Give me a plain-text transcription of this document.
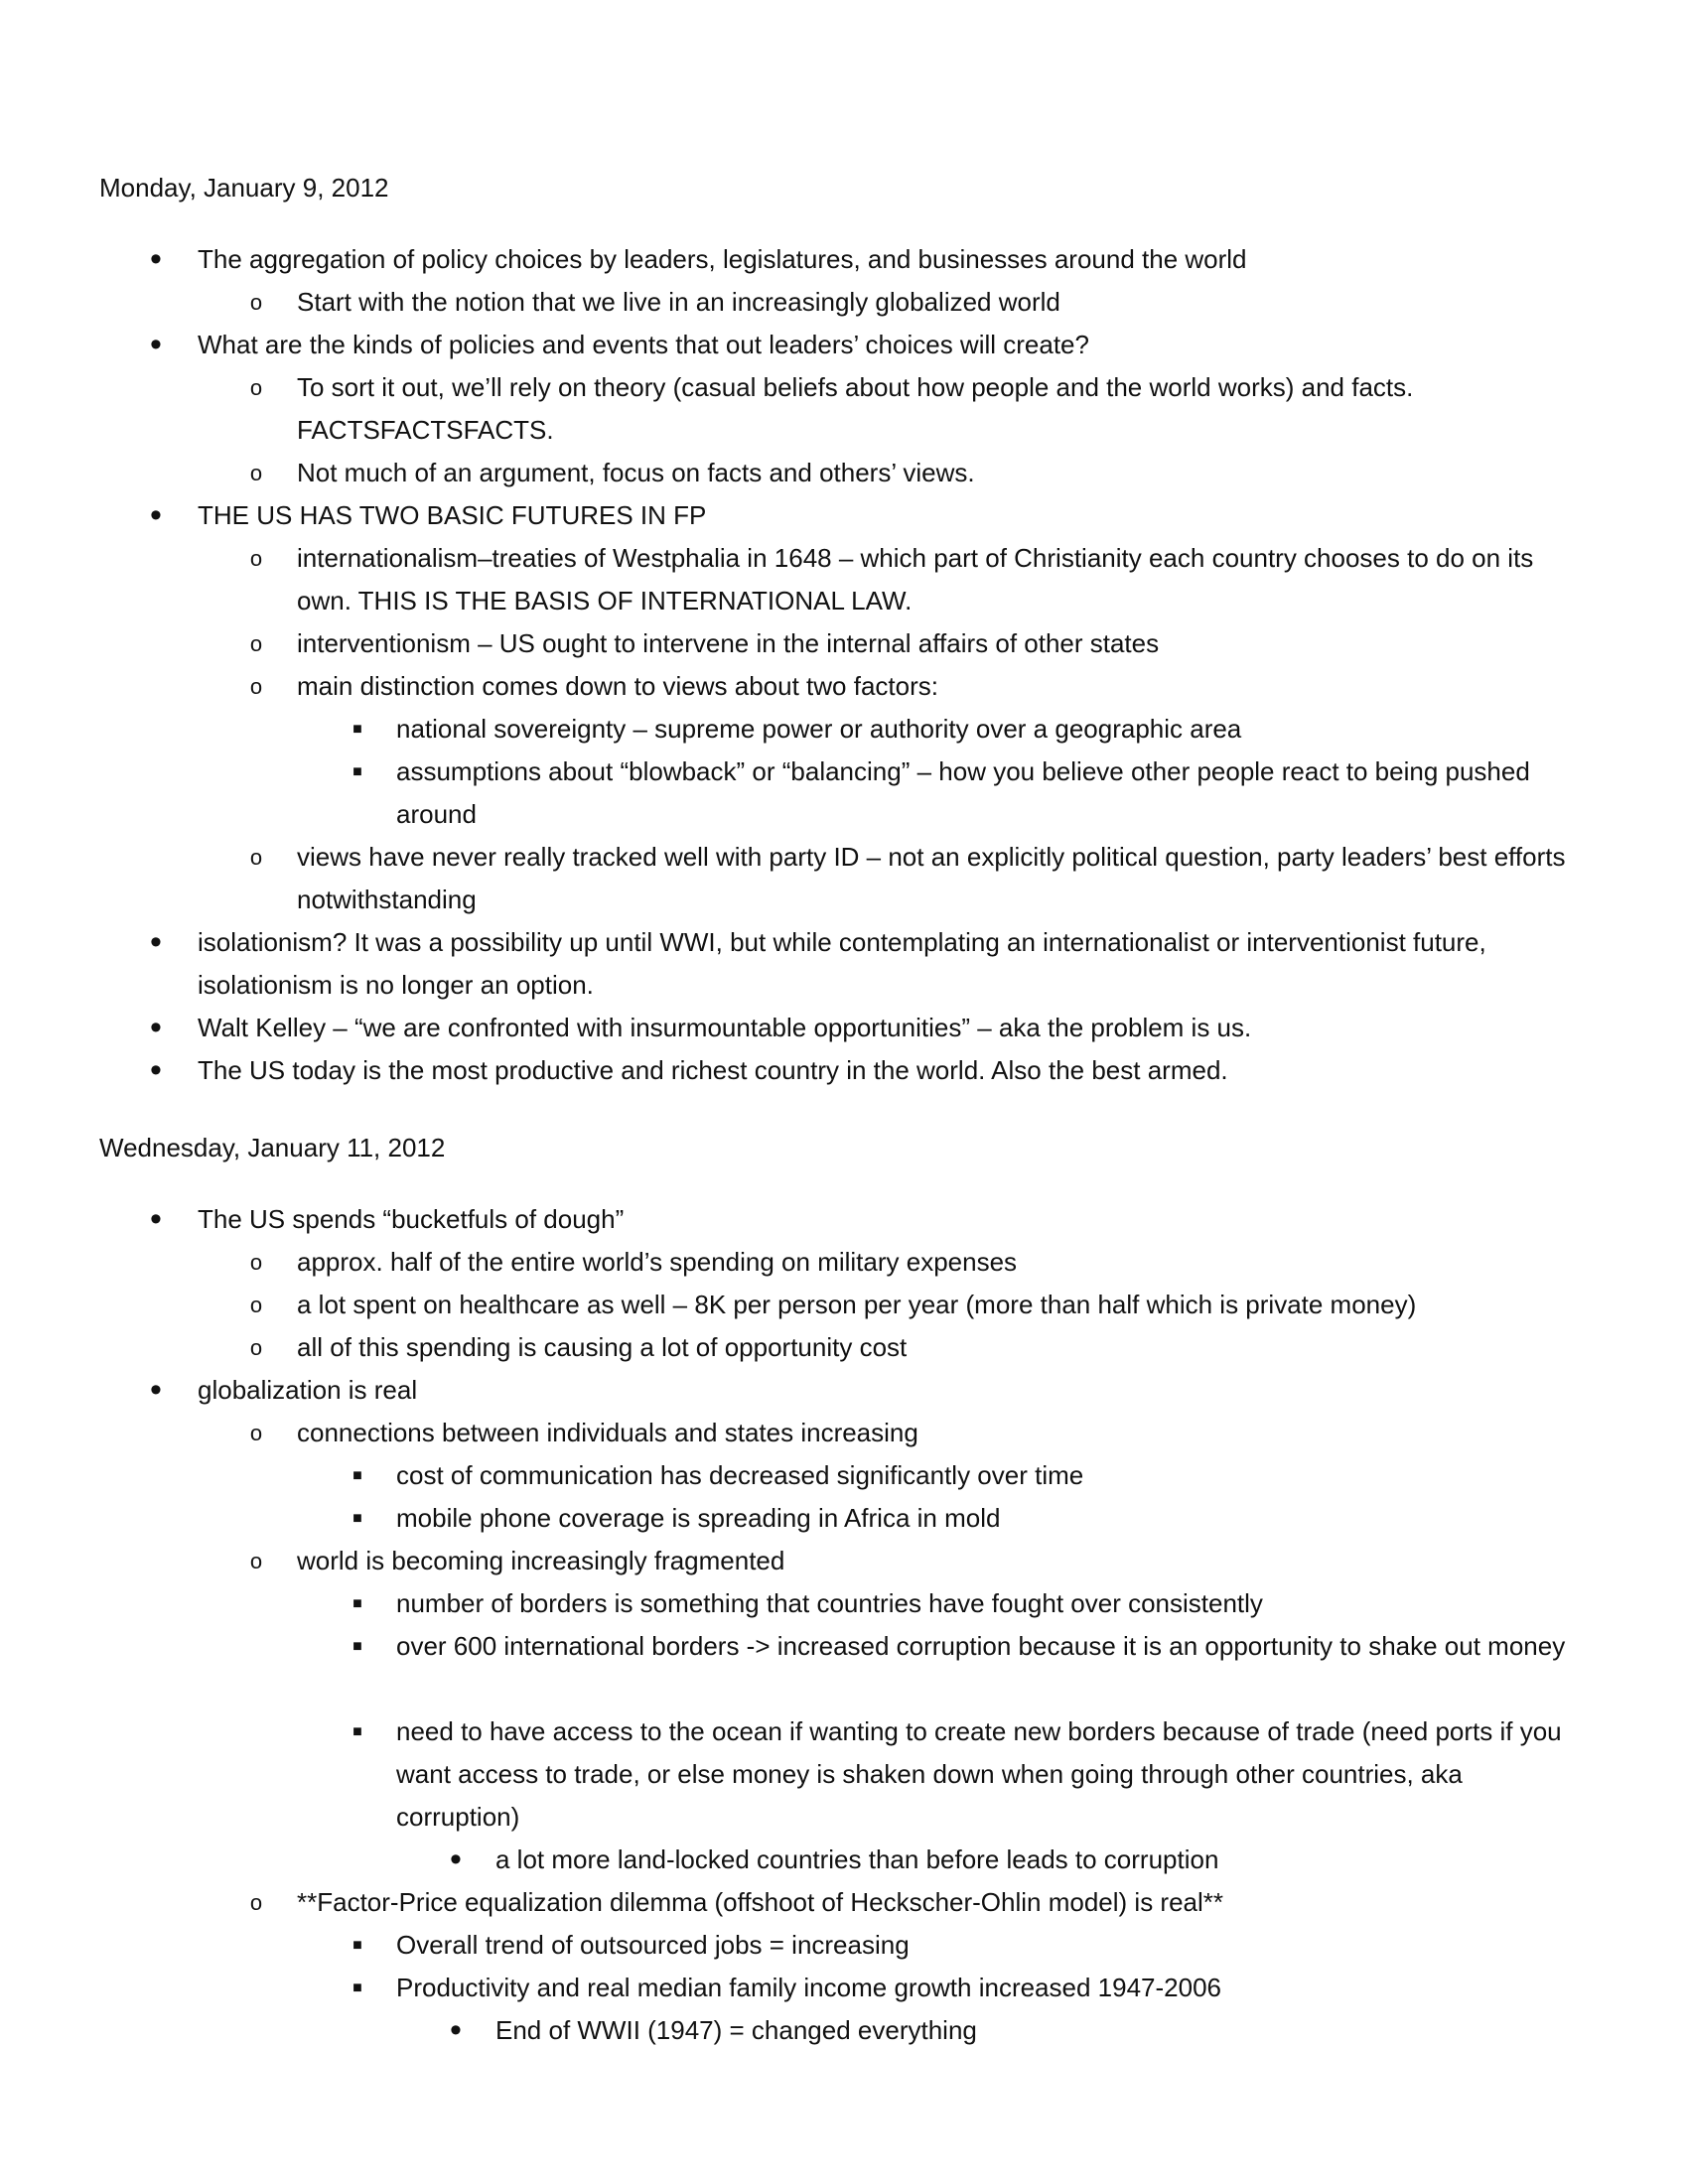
Monday, January 9, 2012
• The aggregation of policy choices by leaders, legislatures, and businesses around the world
o Start with the notion that we live in an increasingly globalized world
• What are the kinds of policies and events that out leaders’ choices will create?
o To sort it out, we’ll rely on theory (casual beliefs about how people and the world works) and facts. FACTSFACTSFACTS.
o Not much of an argument, focus on facts and others’ views.
• THE US HAS TWO BASIC FUTURES IN FP
o internationalism–treaties of Westphalia in 1648 – which part of Christianity each country chooses to do on its own. THIS IS THE BASIS OF INTERNATIONAL LAW.
o interventionism – US ought to intervene in the internal affairs of other states
o main distinction comes down to views about two factors:
■ national sovereignty – supreme power or authority over a geographic area
■ assumptions about “blowback” or “balancing” – how you believe other people react to being pushed around
o views have never really tracked well with party ID – not an explicitly political question, party leaders’ best efforts notwithstanding
• isolationism? It was a possibility up until WWI, but while contemplating an internationalist or interventionist future, isolationism is no longer an option.
• Walt Kelley – “we are confronted with insurmountable opportunities” – aka the problem is us.
• The US today is the most productive and richest country in the world. Also the best armed.
Wednesday, January 11, 2012
• The US spends “bucketfuls of dough”
o approx. half of the entire world’s spending on military expenses
o a lot spent on healthcare as well – 8K per person per year (more than half which is private money)
o all of this spending is causing a lot of opportunity cost
• globalization is real
o connections between individuals and states increasing
■ cost of communication has decreased significantly over time
■ mobile phone coverage is spreading in Africa in mold
o world is becoming increasingly fragmented
■ number of borders is something that countries have fought over consistently
■ over 600 international borders -> increased corruption because it is an opportunity to shake out money
■ need to have access to the ocean if wanting to create new borders because of trade (need ports if you want access to trade, or else money is shaken down when going through other countries, aka corruption)
• a lot more land-locked countries than before leads to corruption
o **Factor-Price equalization dilemma (offshoot of Heckscher-Ohlin model) is real**
■ Overall trend of outsourced jobs = increasing
■ Productivity and real median family income growth increased 1947-2006
• End of WWII (1947) = changed everything
